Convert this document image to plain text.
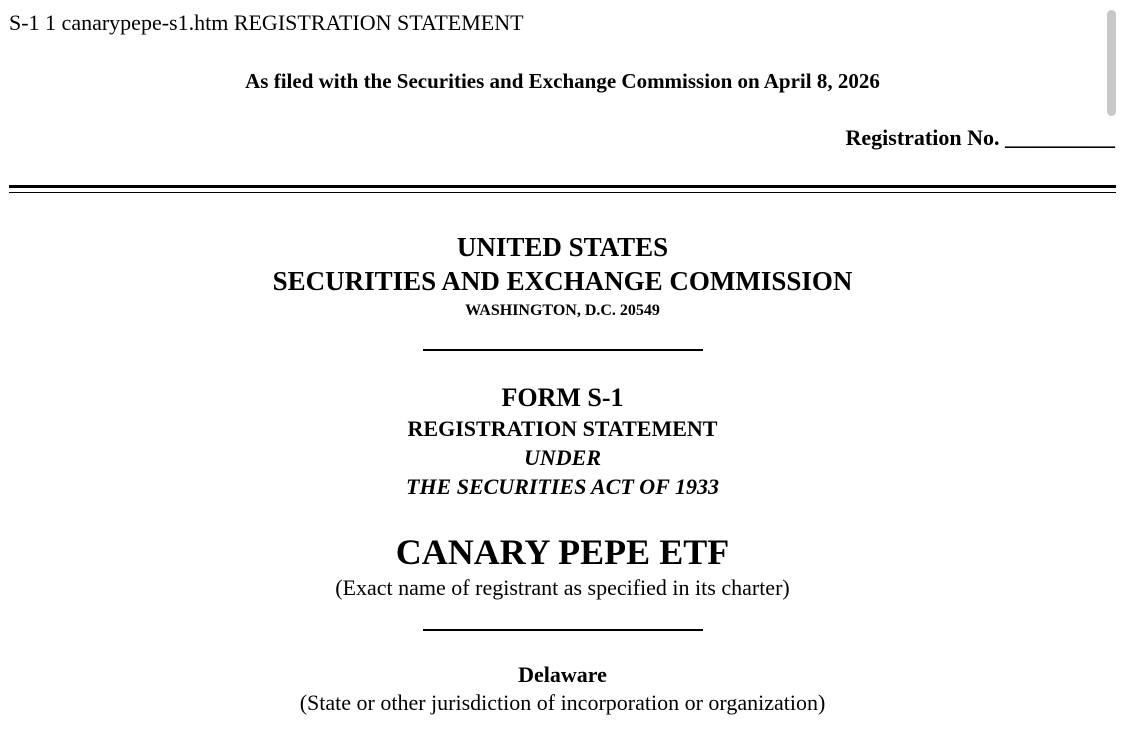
S-1 1 canarypepe-s1.htm REGISTRATION STATEMENT
As filed with the Securities and Exchange Commission on April 8, 2026
Registration No. __________
UNITED STATES
SECURITIES AND EXCHANGE COMMISSION
WASHINGTON, D.C. 20549
FORM S-1
REGISTRATION STATEMENT
UNDER
THE SECURITIES ACT OF 1933
CANARY PEPE ETF
(Exact name of registrant as specified in its charter)
Delaware
(State or other jurisdiction of incorporation or organization)
